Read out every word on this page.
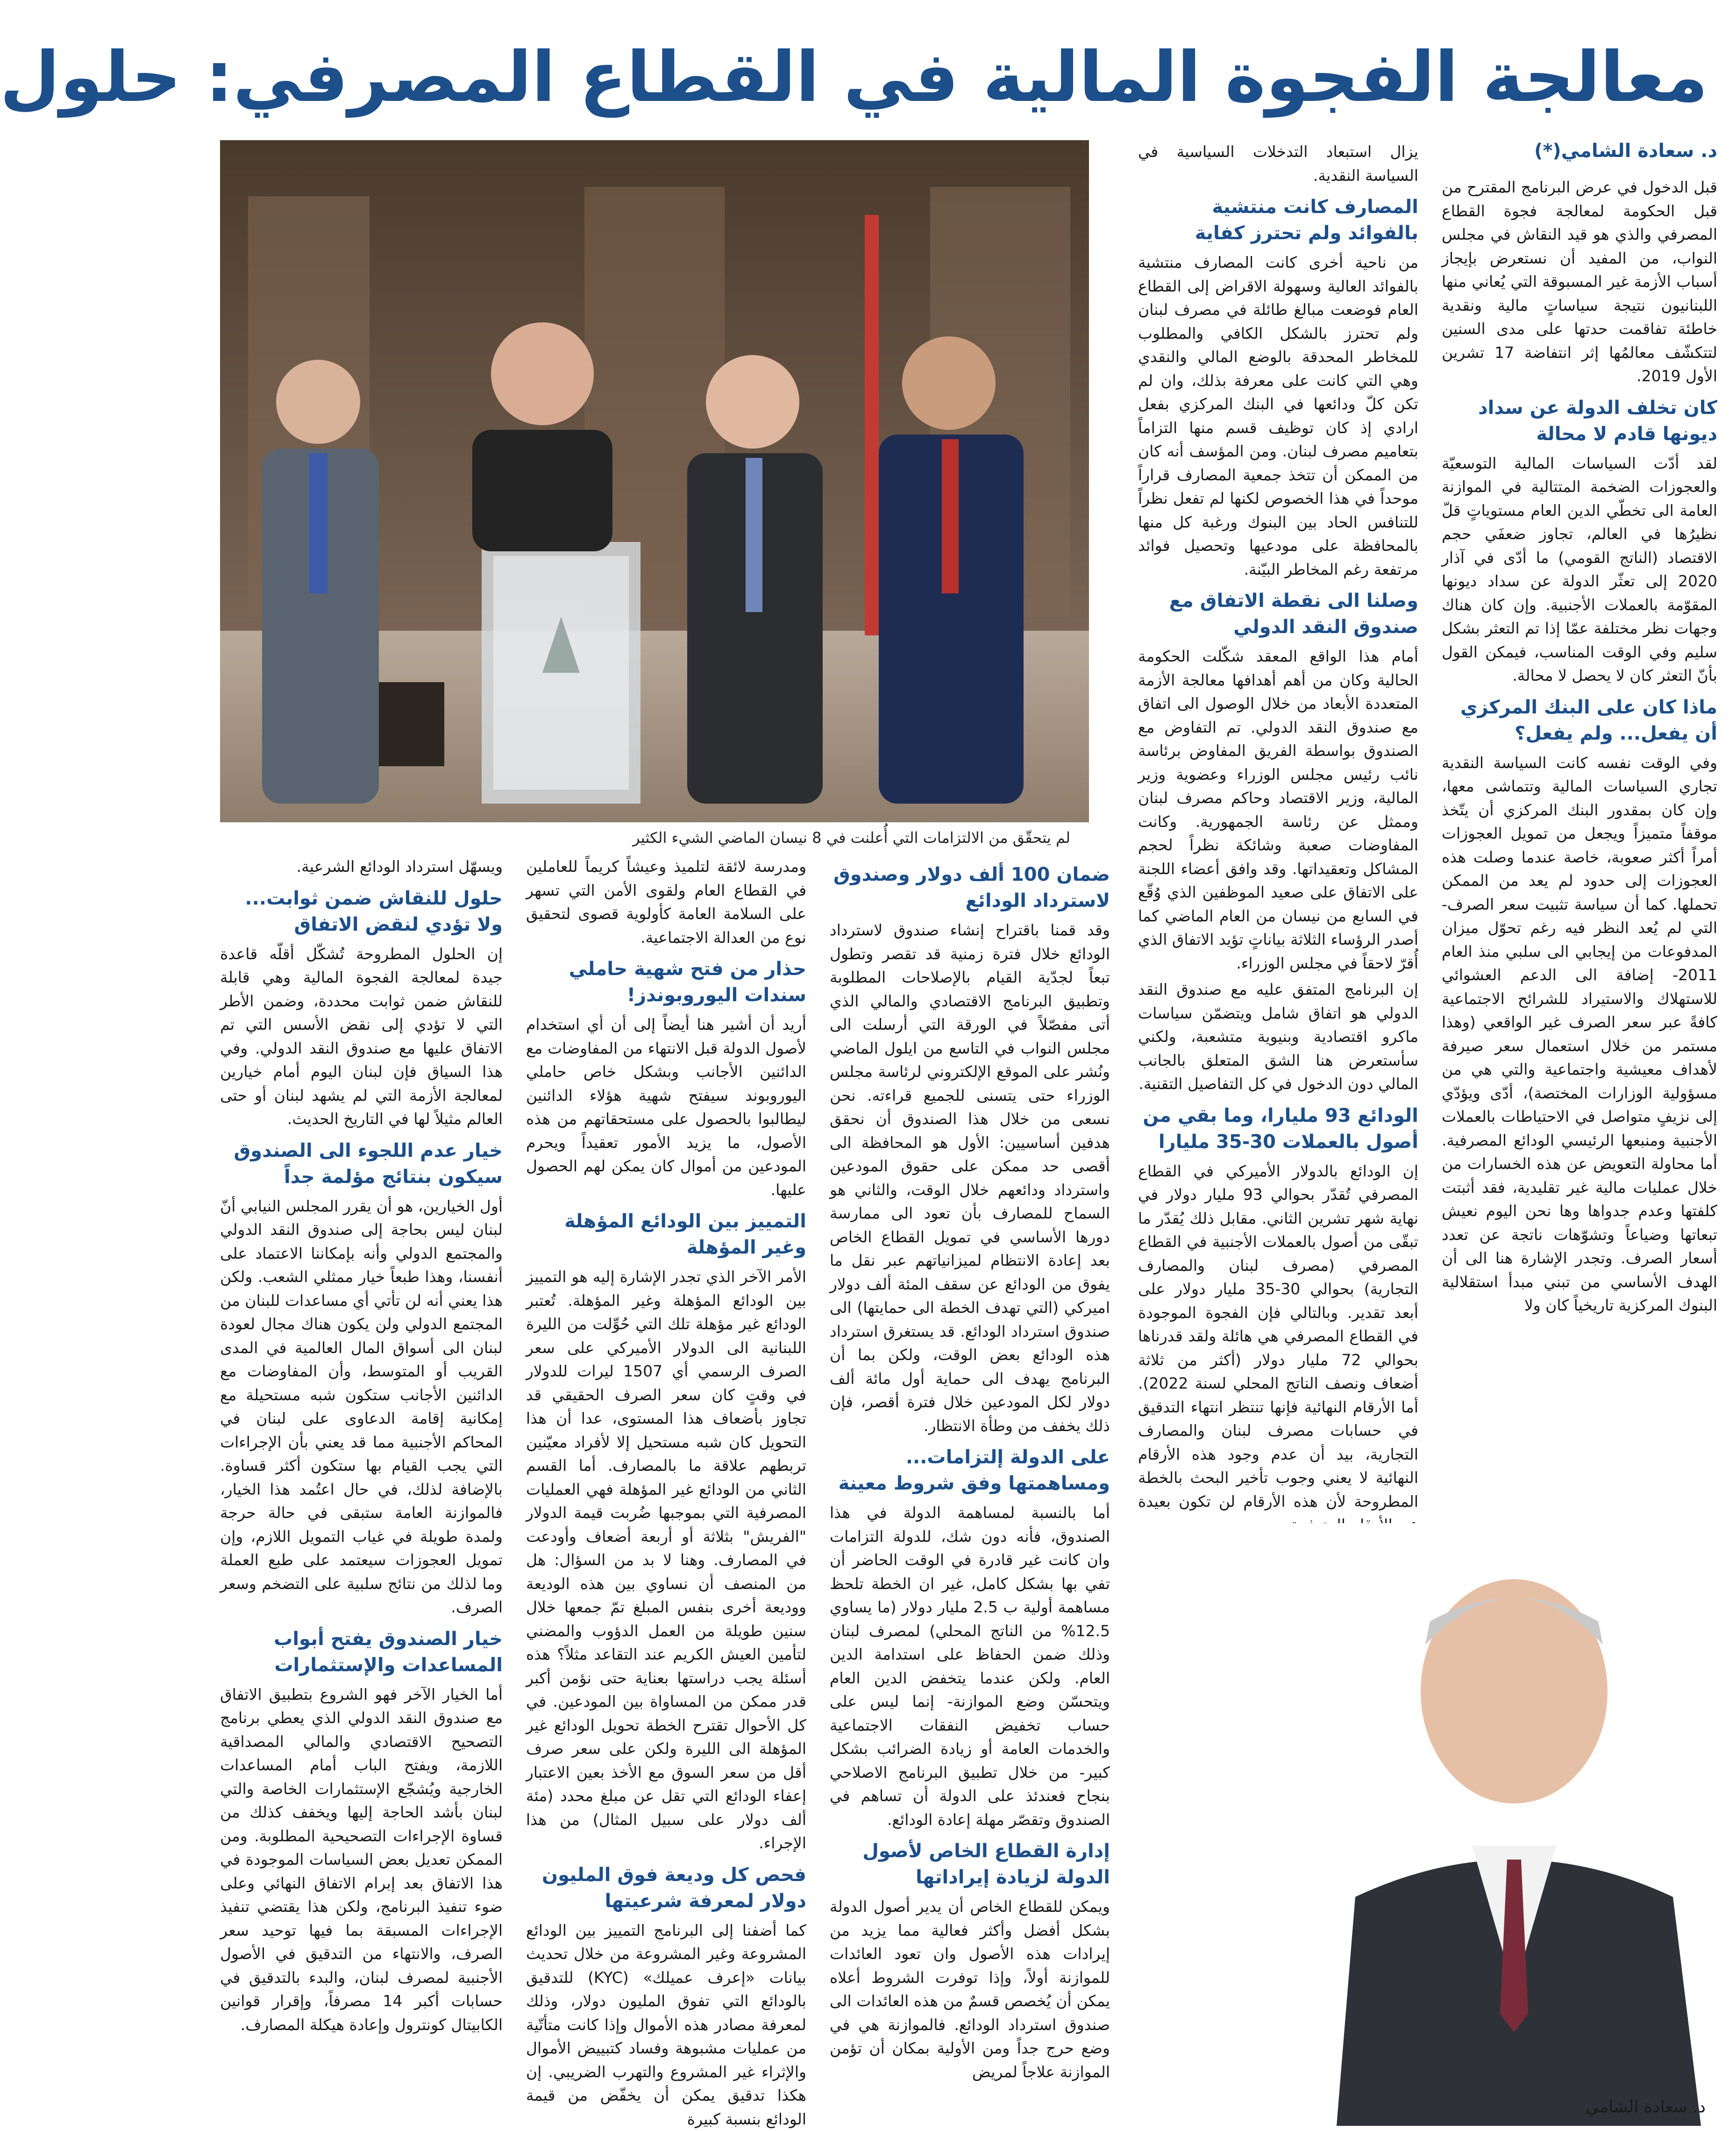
معالجة الفجوة المالية في القطاع المصرفي: حلول
لم يتحقّق من الالتزامات التي أُعلنت في 8 نيسان الماضي الشيء الكثير
د. سعادة الشامي(*)

قبل الدخول في عرض البرنامج المقترح من قبل الحكومة لمعالجة فجوة القطاع المصرفي والذي هو قيد النقاش في مجلس النواب، من المفيد أن نستعرض بإيجاز أسباب الأزمة غير المسبوقة التي يُعاني منها اللبنانيون نتيجة سياساتٍ مالية ونقدية خاطئة تفاقمت حدتها على مدى السنين لتتكشّف معالمُها إثر انتفاضة 17 تشرين الأول 2019.

كان تخلف الدولة عن سداد ديونها قادم لا محالة

لقد أدّت السياسات المالية التوسعيّة والعجوزات الضخمة المتتالية في الموازنة العامة الى تخطّي الدين العام مستوياتٍ قلّ نظيرُها في العالم، تجاوز ضعفَي حجم الاقتصاد (الناتج القومي) ما أدّى في آذار 2020 إلى تعثّر الدولة عن سداد ديونها المقوّمة بالعملات الأجنبية. وإن كان هناك وجهات نظر مختلفة عمّا إذا تم التعثر بشكل سليم وفي الوقت المناسب، فيمكن القول بأنّ التعثر كان لا يحصل لا محالة.

ماذا كان على البنك المركزي أن يفعل... ولم يفعل؟

وفي الوقت نفسه كانت السياسة النقدية تجاري السياسات المالية وتتماشى معها، وإن كان بمقدور البنك المركزي أن يتّخذ موقفاً متميزاً ويجعل من تمويل العجوزات أمراً أكثر صعوبة، خاصة عندما وصلت هذه العجوزات إلى حدود لم يعد من الممكن تحملها. كما أن سياسة تثبيت سعر الصرف- التي لم يُعد النظر فيه رغم تحوّل ميزان المدفوعات من إيجابي الى سلبي منذ العام 2011- إضافة الى الدعم العشوائي للاستهلاك والاستيراد للشرائح الاجتماعية كافةً عبر سعر الصرف غير الواقعي (وهذا مستمر من خلال استعمال سعر صيرفة لأهداف معيشية واجتماعية والتي هي من مسؤولية الوزارات المختصة)، أدّى ويؤدّي إلى نزيفٍ متواصل في الاحتياطات بالعملات الأجنبية ومنبعها الرئيسي الودائع المصرفية. أما محاولة التعويض عن هذه الخسارات من خلال عمليات مالية غير تقليدية، فقد أثبتت كلفتها وعدم جدواها وها نحن اليوم نعيش تبعاتها وضياعاً وتشوّهات ناتجة عن تعدد أسعار الصرف. وتجدر الإشارة هنا الى أن الهدف الأساسي من تبني مبدأ استقلالية البنوك المركزية تاريخياً كان ولا

يزال استبعاد التدخلات السياسية في السياسة النقدية.

المصارف كانت منتشية بالفوائد ولم تحترز كفاية

من ناحية أخرى كانت المصارف منتشية بالفوائد العالية وسهولة الاقراض إلى القطاع العام فوضعت مبالغ طائلة في مصرف لبنان ولم تحترز بالشكل الكافي والمطلوب للمخاطر المحدقة بالوضع المالي والنقدي وهي التي كانت على معرفة بذلك، وان لم تكن كلّ ودائعها في البنك المركزي بفعل ارادي إذ كان توظيف قسم منها التزاماً بتعاميم مصرف لبنان. ومن المؤسف أنه كان من الممكن أن تتخذ جمعية المصارف قراراً موحداً في هذا الخصوص لكنها لم تفعل نظراً للتنافس الحاد بين البنوك ورغبة كل منها بالمحافظة على مودعيها وتحصيل فوائد مرتفعة رغم المخاطر البيّنة.

وصلنا الى نقطة الاتفاق مع صندوق النقد الدولي

أمام هذا الواقع المعقد شكّلت الحكومة الحالية وكان من أهم أهدافها معالجة الأزمة المتعددة الأبعاد من خلال الوصول الى اتفاق مع صندوق النقد الدولي. تم التفاوض مع الصندوق بواسطة الفريق المفاوض برئاسة نائب رئيس مجلس الوزراء وعضوية وزير المالية، وزير الاقتصاد وحاكم مصرف لبنان وممثل عن رئاسة الجمهورية. وكانت المفاوضات صعبة وشائكة نظراً لحجم المشاكل وتعقيداتها. وقد وافق أعضاء اللجنة على الاتفاق على صعيد الموظفين الذي وُقّع في السابع من نيسان من العام الماضي كما أصدر الرؤساء الثلاثة بياناتٍ تؤيد الاتفاق الذي أُقرّ لاحقاً في مجلس الوزراء.

إن البرنامج المتفق عليه مع صندوق النقد الدولي هو اتفاق شامل ويتضمّن سياسات ماكرو اقتصادية وبنيوية متشعبة، ولكني سأستعرض هنا الشق المتعلق بالجانب المالي دون الدخول في كل التفاصيل التقنية.

الودائع 93 مليارا، وما بقي من أصول بالعملات 30-35 مليارا

إن الودائع بالدولار الأميركي في القطاع المصرفي تُقدّر بحوالي 93 مليار دولار في نهاية شهر تشرين الثاني. مقابل ذلك يُقدّر ما تبقّى من أصول بالعملات الأجنبية في القطاع المصرفي (مصرف لبنان والمصارف التجارية) بحوالي 30-35 مليار دولار على أبعد تقدير. وبالتالي فإن الفجوة الموجودة في القطاع المصرفي هي هائلة ولقد قدرناها بحوالي 72 مليار دولار (أكثر من ثلاثة أضعاف ونصف الناتج المحلي لسنة 2022). أما الأرقام النهائية فإنها تنتظر انتهاء التدقيق في حسابات مصرف لبنان والمصارف التجارية، بيد أن عدم وجود هذه الأرقام النهائية لا يعني وجوب تأخير البحث بالخطة المطروحة لأن هذه الأرقام لن تكون بعيدة

د. سعادة الشامي
ضمان 100 ألف دولار وصندوق لاسترداد الودائع

وقد قمنا باقتراح إنشاء صندوق لاسترداد الودائع خلال فترة زمنية قد تقصر وتطول تبعاً لجدّية القيام بالإصلاحات المطلوبة وتطبيق البرنامج الاقتصادي والمالي الذي أتى مفصّلاً في الورقة التي أرسلت الى مجلس النواب في التاسع من ايلول الماضي ونُشر على الموقع الإلكتروني لرئاسة مجلس الوزراء حتى يتسنى للجميع قراءته. نحن نسعى من خلال هذا الصندوق أن نحقق هدفين أساسيين: الأول هو المحافظة الى أقصى حد ممكن على حقوق المودعين واسترداد ودائعهم خلال الوقت، والثاني هو السماح للمصارف بأن تعود الى ممارسة دورها الأساسي في تمويل القطاع الخاص بعد إعادة الانتظام لميزانياتهم عبر نقل ما يفوق من الودائع عن سقف المئة ألف دولار اميركي (التي تهدف الخطة الى حمايتها) الى صندوق استرداد الودائع. قد يستغرق استرداد هذه الودائع بعض الوقت، ولكن بما أن البرنامج يهدف الى حماية أول مائة ألف دولار لكل المودعين خلال فترة أقصر، فإن ذلك يخفف من وطأة الانتظار.

على الدولة إلتزامات... ومساهمتها وفق شروط معينة

أما بالنسبة لمساهمة الدولة في هذا الصندوق، فأنه دون شك، للدولة التزامات وان كانت غير قادرة في الوقت الحاضر أن تفي بها بشكل كامل، غير ان الخطة تلحظ مساهمة أولية ب 2.5 مليار دولار (ما يساوي 12.5% من الناتج المحلي) لمصرف لبنان وذلك ضمن الحفاظ على استدامة الدين العام. ولكن عندما يتخفض الدين العام ويتحسّن وضع الموازنة- إنما ليس على حساب تخفيض النفقات الاجتماعية والخدمات العامة أو زيادة الضرائب بشكل كبير- من خلال تطبيق البرنامج الاصلاحي بنجاح فعندئذ على الدولة أن تساهم في الصندوق وتقصّر مهلة إعادة الودائع.

إدارة القطاع الخاص لأصول الدولة لزيادة إيراداتها

ويمكن للقطاع الخاص أن يدير أصول الدولة بشكل أفضل وأكثر فعالية مما يزيد من إيرادات هذه الأصول وان تعود العائدات للموازنة أولاً، وإذا توفرت الشروط أعلاه يمكن أن يُخصص قسمٌ من هذه العائدات الى صندوق استرداد الودائع. فالموازنة هي في وضع حرج جداً ومن الأولية بمكان أن تؤمن الموازنة علاجاً لمريض

ومدرسة لائقة لتلميذ وعيشاً كريماً للعاملين في القطاع العام ولقوى الأمن التي تسهر على السلامة العامة كأولوية قصوى لتحقيق نوع من العدالة الاجتماعية.

حذار من فتح شهية حاملي سندات اليوروبوندز!

أريد أن أشير هنا أيضاً إلى أن أي استخدام لأصول الدولة قبل الانتهاء من المفاوضات مع الدائنين الأجانب وبشكل خاص حاملي اليوروبوند سيفتح شهية هؤلاء الدائنين ليطالبوا بالحصول على مستحقاتهم من هذه الأصول، ما يزيد الأمور تعقيداً ويحرم المودعين من أموال كان يمكن لهم الحصول عليها.

التمييز بين الودائع المؤهلة وغير المؤهلة

الأمر الآخر الذي تجدر الإشارة إليه هو التمييز بين الودائع المؤهلة وغير المؤهلة. تُعتبر الودائع غير مؤهلة تلك التي حُوِّلت من الليرة اللبنانية الى الدولار الأميركي على سعر الصرف الرسمي أي 1507 ليرات للدولار في وقتٍ كان سعر الصرف الحقيقي قد تجاوز بأضعاف هذا المستوى، عدا أن هذا التحويل كان شبه مستحيل إلا لأفراد معيّنين تربطهم علاقة ما بالمصارف. أما القسم الثاني من الودائع غير المؤهلة فهي العمليات المصرفية التي بموجبها ضُربت قيمة الدولار "الفريش" بثلاثة أو أربعة أضعاف وأودعت في المصارف. وهنا لا بد من السؤال: هل من المنصف أن نساوي بين هذه الوديعة ووديعة أخرى بنفس المبلغ تمّ جمعها خلال سنين طويلة من العمل الدؤوب والمضني لتأمين العيش الكريم عند التقاعد مثلاً؟ هذه أسئلة يجب دراستها بعناية حتى نؤمن أكبر قدر ممكن من المساواة بين المودعين. في كل الأحوال تقترح الخطة تحويل الودائع غير المؤهلة الى الليرة ولكن على سعر صرف أقل من سعر السوق مع الأخذ بعين الاعتبار إعفاء الودائع التي تقل عن مبلغ محدد (مئة ألف دولار على سبيل المثال) من هذا الإجراء.

فحص كل وديعة فوق المليون دولار لمعرفة شرعيتها

كما أضفنا إلى البرنامج التمييز بين الودائع المشروعة وغير المشروعة من خلال تحديث بيانات «إعرف عميلك» (KYC) للتدقيق بالودائع التي تفوق المليون دولار، وذلك لمعرفة مصادر هذه الأموال وإذا كانت متأتّية من عمليات مشبوهة وفساد كتبييض الأموال والإثراء غير المشروع والتهرب الضريبي. إن هكذا تدقيق يمكن أن يخفّض من قيمة الودائع بنسبة كبيرة

ويسهّل استرداد الودائع الشرعية.

حلول للنقاش ضمن ثوابت... ولا تؤدي لنقض الاتفاق

إن الحلول المطروحة تُشكّل أقلّه قاعدة جيدة لمعالجة الفجوة المالية وهي قابلة للنقاش ضمن ثوابت محددة، وضمن الأطر التي لا تؤدي إلى نقض الأسس التي تم الاتفاق عليها مع صندوق النقد الدولي. وفي هذا السياق فإن لبنان اليوم أمام خيارين لمعالجة الأزمة التي لم يشهد لبنان أو حتى العالم مثيلاً لها في التاريخ الحديث.

خيار عدم اللجوء الى الصندوق سيكون بنتائج مؤلمة جداً

أول الخيارين، هو أن يقرر المجلس النيابي أنّ لبنان ليس بحاجة إلى صندوق النقد الدولي والمجتمع الدولي وأنه بإمكاننا الاعتماد على أنفسنا، وهذا طبعاً خيار ممثلي الشعب. ولكن هذا يعني أنه لن تأتي أي مساعدات للبنان من المجتمع الدولي ولن يكون هناك مجال لعودة لبنان الى أسواق المال العالمية في المدى القريب أو المتوسط، وأن المفاوضات مع الدائنين الأجانب ستكون شبه مستحيلة مع إمكانية إقامة الدعاوى على لبنان في المحاكم الأجنبية مما قد يعني بأن الإجراءات التي يجب القيام بها ستكون أكثر قساوة. بالإضافة لذلك، في حال اعتُمد هذا الخيار، فالموازنة العامة ستبقى في حالة حرجة ولمدة طويلة في غياب التمويل اللازم، وإن تمويل العجوزات سيعتمد على طبع العملة وما لذلك من نتائج سلبية على التضخم وسعر الصرف.

خيار الصندوق يفتح أبواب المساعدات والإستثمارات

أما الخيار الآخر فهو الشروع بتطبيق الاتفاق مع صندوق النقد الدولي الذي يعطي برنامج التصحيح الاقتصادي والمالي المصداقية اللازمة، ويفتح الباب أمام المساعدات الخارجية ويُشجّع الإستثمارات الخاصة والتي لبنان بأشد الحاجة إليها ويخفف كذلك من قساوة الإجراءات التصحيحية المطلوبة. ومن الممكن تعديل بعض السياسات الموجودة في هذا الاتفاق بعد إبرام الاتفاق النهائي وعلى ضوء تنفيذ البرنامج، ولكن هذا يقتضي تنفيذ الإجراءات المسبقة بما فيها توحيد سعر الصرف، والانتهاء من التدقيق في الأصول الأجنبية لمصرف لبنان، والبدء بالتدقيق في حسابات أكبر 14 مصرفاً، وإقرار قوانين الكابيتال كونترول وإعادة هيكلة المصارف.
